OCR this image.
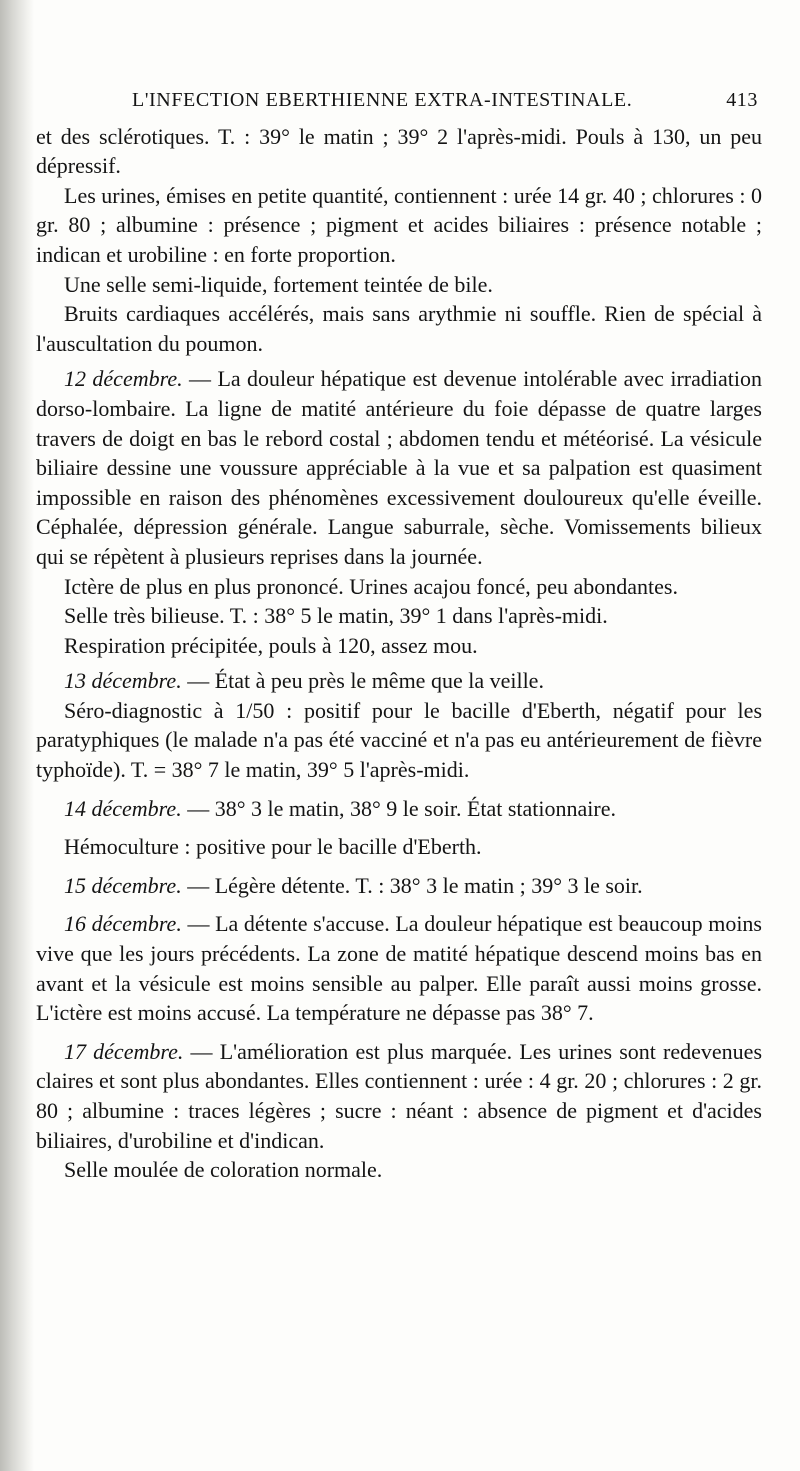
L'INFECTION EBERTHIENNE EXTRA-INTESTINALE.	413

et des sclérotiques. T. : 39° le matin ; 39° 2 l'après-midi. Pouls à 130, un peu dépressif.

Les urines, émises en petite quantité, contiennent : urée 14 gr. 40 ; chlorures : 0 gr. 80 ; albumine : présence ; pigment et acides biliaires : présence notable ; indican et urobiline : en forte proportion.

Une selle semi-liquide, fortement teintée de bile.

Bruits cardiaques accélérés, mais sans arythmie ni souffle. Rien de spécial à l'auscultation du poumon.

12 décembre. — La douleur hépatique est devenue intolérable avec irradiation dorso-lombaire. La ligne de matité antérieure du foie dépasse de quatre larges travers de doigt en bas le rebord costal ; abdomen tendu et météorisé. La vésicule biliaire dessine une voussure appréciable à la vue et sa palpation est quasiment impossible en raison des phénomènes excessivement douloureux qu'elle éveille. Céphalée, dépression générale. Langue saburrale, sèche. Vomissements bilieux qui se répètent à plusieurs reprises dans la journée.

Ictère de plus en plus prononcé. Urines acajou foncé, peu abondantes.

Selle très bilieuse. T. : 38° 5 le matin, 39° 1 dans l'après-midi.

Respiration précipitée, pouls à 120, assez mou.

13 décembre. — État à peu près le même que la veille.

Séro-diagnostic à 1/50 : positif pour le bacille d'Eberth, négatif pour les paratyphiques (le malade n'a pas été vacciné et n'a pas eu antérieurement de fièvre typhoïde). T. = 38° 7 le matin, 39° 5 l'après-midi.

14 décembre. — 38° 3 le matin, 38° 9 le soir. État stationnaire.

Hémoculture : positive pour le bacille d'Eberth.

15 décembre. — Légère détente. T. : 38° 3 le matin ; 39° 3 le soir.

16 décembre. — La détente s'accuse. La douleur hépatique est beaucoup moins vive que les jours précédents. La zone de matité hépatique descend moins bas en avant et la vésicule est moins sensible au palper. Elle paraît aussi moins grosse. L'ictère est moins accusé. La température ne dépasse pas 38° 7.

17 décembre. — L'amélioration est plus marquée. Les urines sont redevenues claires et sont plus abondantes. Elles contiennent : urée : 4 gr. 20 ; chlorures : 2 gr. 80 ; albumine : traces légères ; sucre : néant : absence de pigment et d'acides biliaires, d'urobiline et d'indican.

Selle moulée de coloration normale.
